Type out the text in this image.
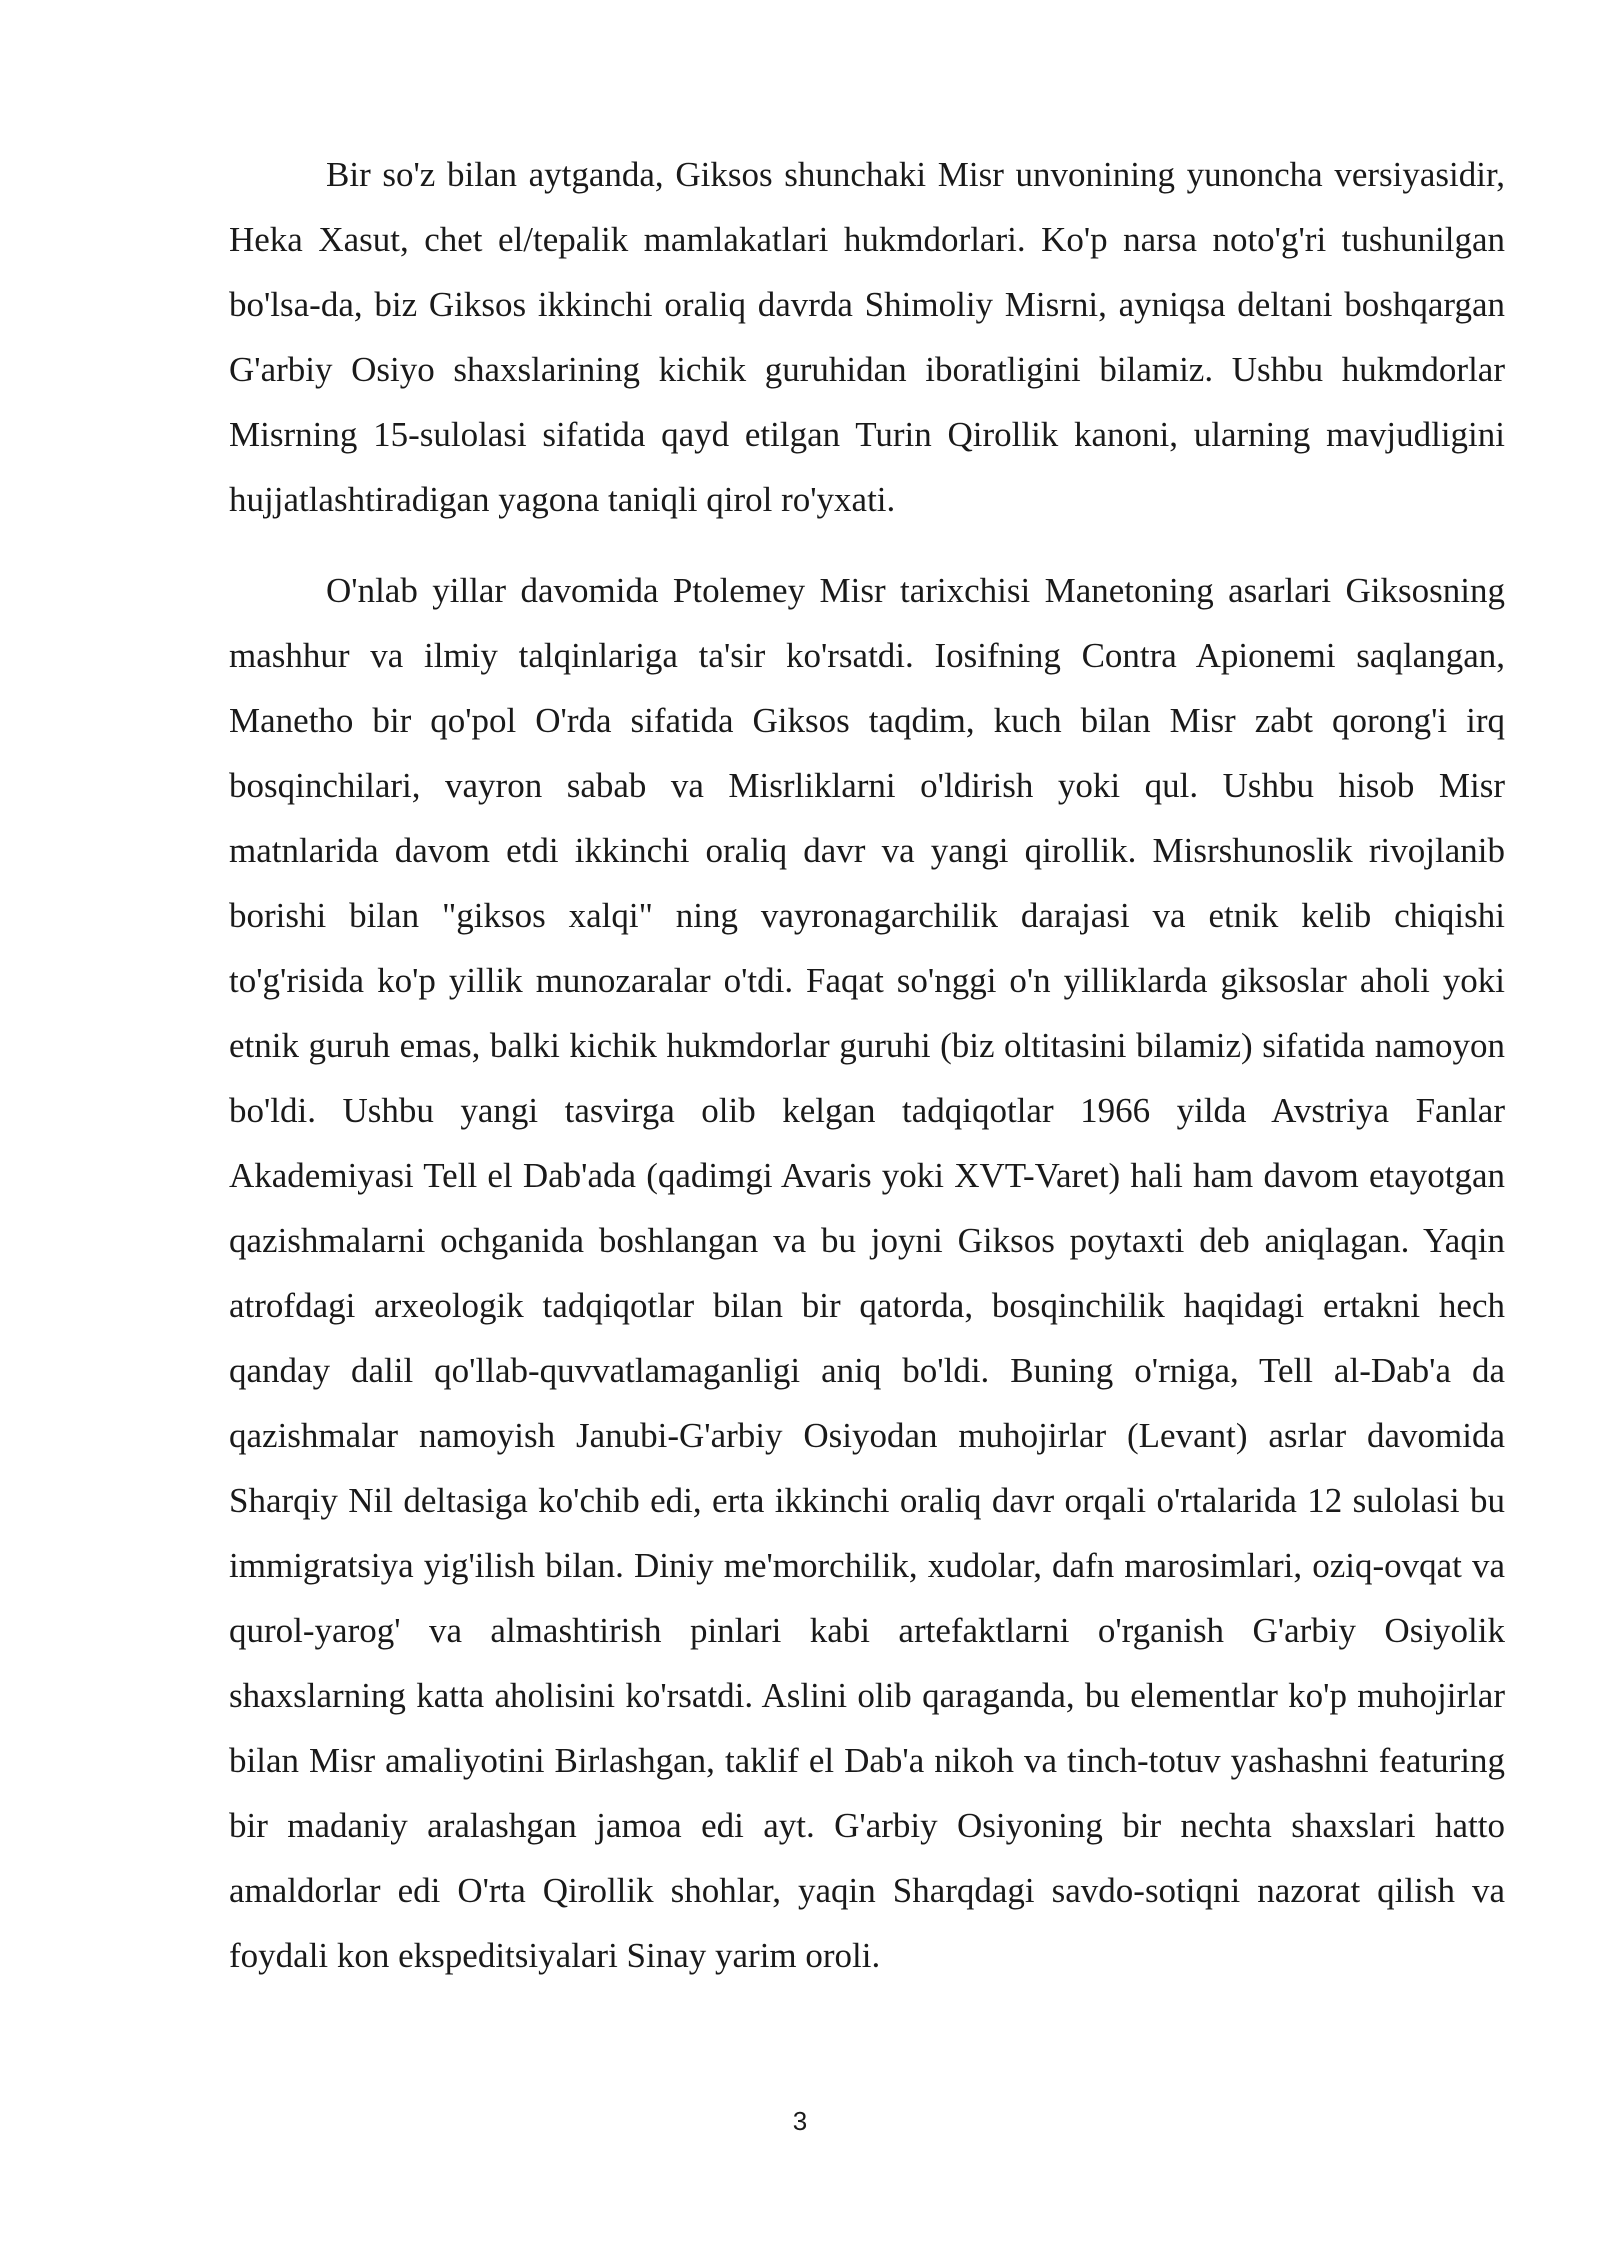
Bir so'z bilan aytganda, Giksos shunchaki Misr unvonining yunoncha versiyasidir, Heka Xasut, chet el/tepalik mamlakatlari hukmdorlari. Ko'p narsa noto'g'ri tushunilgan bo'lsa-da, biz Giksos ikkinchi oraliq davrda Shimoliy Misrni, ayniqsa deltani boshqargan G'arbiy Osiyo shaxslarining kichik guruhidan iboratligini bilamiz. Ushbu hukmdorlar Misrning 15-sulolasi sifatida qayd etilgan Turin Qirollik kanoni, ularning mavjudligini hujjatlashtiradigan yagona taniqli qirol ro'yxati.

O'nlab yillar davomida Ptolemey Misr tarixchisi Manetoning asarlari Giksosning mashhur va ilmiy talqinlariga ta'sir ko'rsatdi. Iosifning Contra Apionemi saqlangan, Manetho bir qo'pol O'rda sifatida Giksos taqdim, kuch bilan Misr zabt qorong'i irq bosqinchilari, vayron sabab va Misrliklarni o'ldirish yoki qul. Ushbu hisob Misr matnlarida davom etdi ikkinchi oraliq davr va yangi qirollik. Misrshunoslik rivojlanib borishi bilan "giksos xalqi" ning vayronagarchilik darajasi va etnik kelib chiqishi to'g'risida ko'p yillik munozaralar o'tdi. Faqat so'nggi o'n yilliklarda giksoslar aholi yoki etnik guruh emas, balki kichik hukmdorlar guruhi (biz oltitasini bilamiz) sifatida namoyon bo'ldi. Ushbu yangi tasvirga olib kelgan tadqiqotlar 1966 yilda Avstriya Fanlar Akademiyasi Tell el Dab'ada (qadimgi Avaris yoki XVT-Varet) hali ham davom etayotgan qazishmalarni ochganida boshlangan va bu joyni Giksos poytaxti deb aniqlagan. Yaqin atrofdagi arxeologik tadqiqotlar bilan bir qatorda, bosqinchilik haqidagi ertakni hech qanday dalil qo'llab-quvvatlamaganligi aniq bo'ldi. Buning o'rniga, Tell al-Dab'a da qazishmalar namoyish Janubi-G'arbiy Osiyodan muhojirlar (Levant) asrlar davomida Sharqiy Nil deltasiga ko'chib edi, erta ikkinchi oraliq davr orqali o'rtalarida 12 sulolasi bu immigratsiya yig'ilish bilan. Diniy me'morchilik, xudolar, dafn marosimlari, oziq-ovqat va qurol-yarog' va almashtirish pinlari kabi artefaktlarni o'rganish G'arbiy Osiyolik shaxslarning katta aholisini ko'rsatdi. Aslini olib qaraganda, bu elementlar ko'p muhojirlar bilan Misr amaliyotini Birlashgan, taklif el Dab'a nikoh va tinch-totuv yashashni featuring bir madaniy aralashgan jamoa edi ayt. G'arbiy Osiyoning bir nechta shaxslari hatto amaldorlar edi O'rta Qirollik shohlar, yaqin Sharqdagi savdo-sotiqni nazorat qilish va foydali kon ekspeditsiyalari Sinay yarim oroli.

3
